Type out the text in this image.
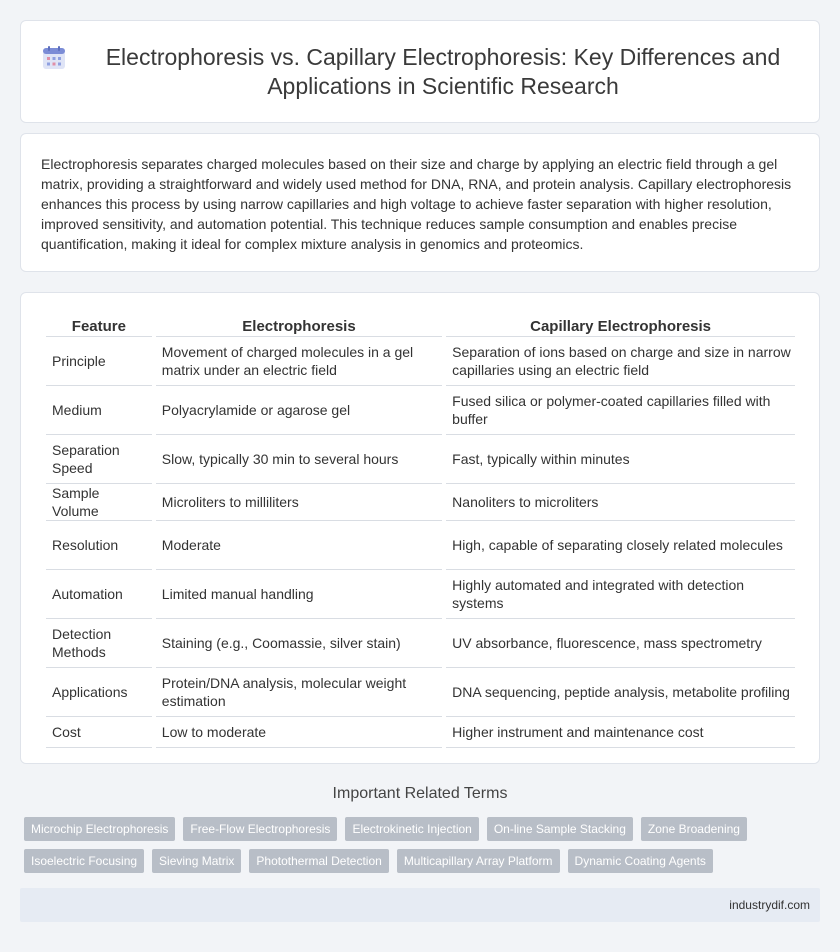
Electrophoresis vs. Capillary Electrophoresis: Key Differences and Applications in Scientific Research

Electrophoresis separates charged molecules based on their size and charge by applying an electric field through a gel matrix, providing a straightforward and widely used method for DNA, RNA, and protein analysis. Capillary electrophoresis enhances this process by using narrow capillaries and high voltage to achieve faster separation with higher resolution, improved sensitivity, and automation potential. This technique reduces sample consumption and enables precise quantification, making it ideal for complex mixture analysis in genomics and proteomics.

Feature	Electrophoresis	Capillary Electrophoresis
Principle	Movement of charged molecules in a gel matrix under an electric field	Separation of ions based on charge and size in narrow capillaries using an electric field
Medium	Polyacrylamide or agarose gel	Fused silica or polymer-coated capillaries filled with buffer
Separation Speed	Slow, typically 30 min to several hours	Fast, typically within minutes
Sample Volume	Microliters to milliliters	Nanoliters to microliters
Resolution	Moderate	High, capable of separating closely related molecules
Automation	Limited manual handling	Highly automated and integrated with detection systems
Detection Methods	Staining (e.g., Coomassie, silver stain)	UV absorbance, fluorescence, mass spectrometry
Applications	Protein/DNA analysis, molecular weight estimation	DNA sequencing, peptide analysis, metabolite profiling
Cost	Low to moderate	Higher instrument and maintenance cost
Important Related Terms
Microchip Electrophoresis	Free-Flow Electrophoresis	Electrokinetic Injection	On-line Sample Stacking	Zone Broadening
Isoelectric Focusing	Sieving Matrix	Photothermal Detection	Multicapillary Array Platform	Dynamic Coating Agents
industrydif.com
